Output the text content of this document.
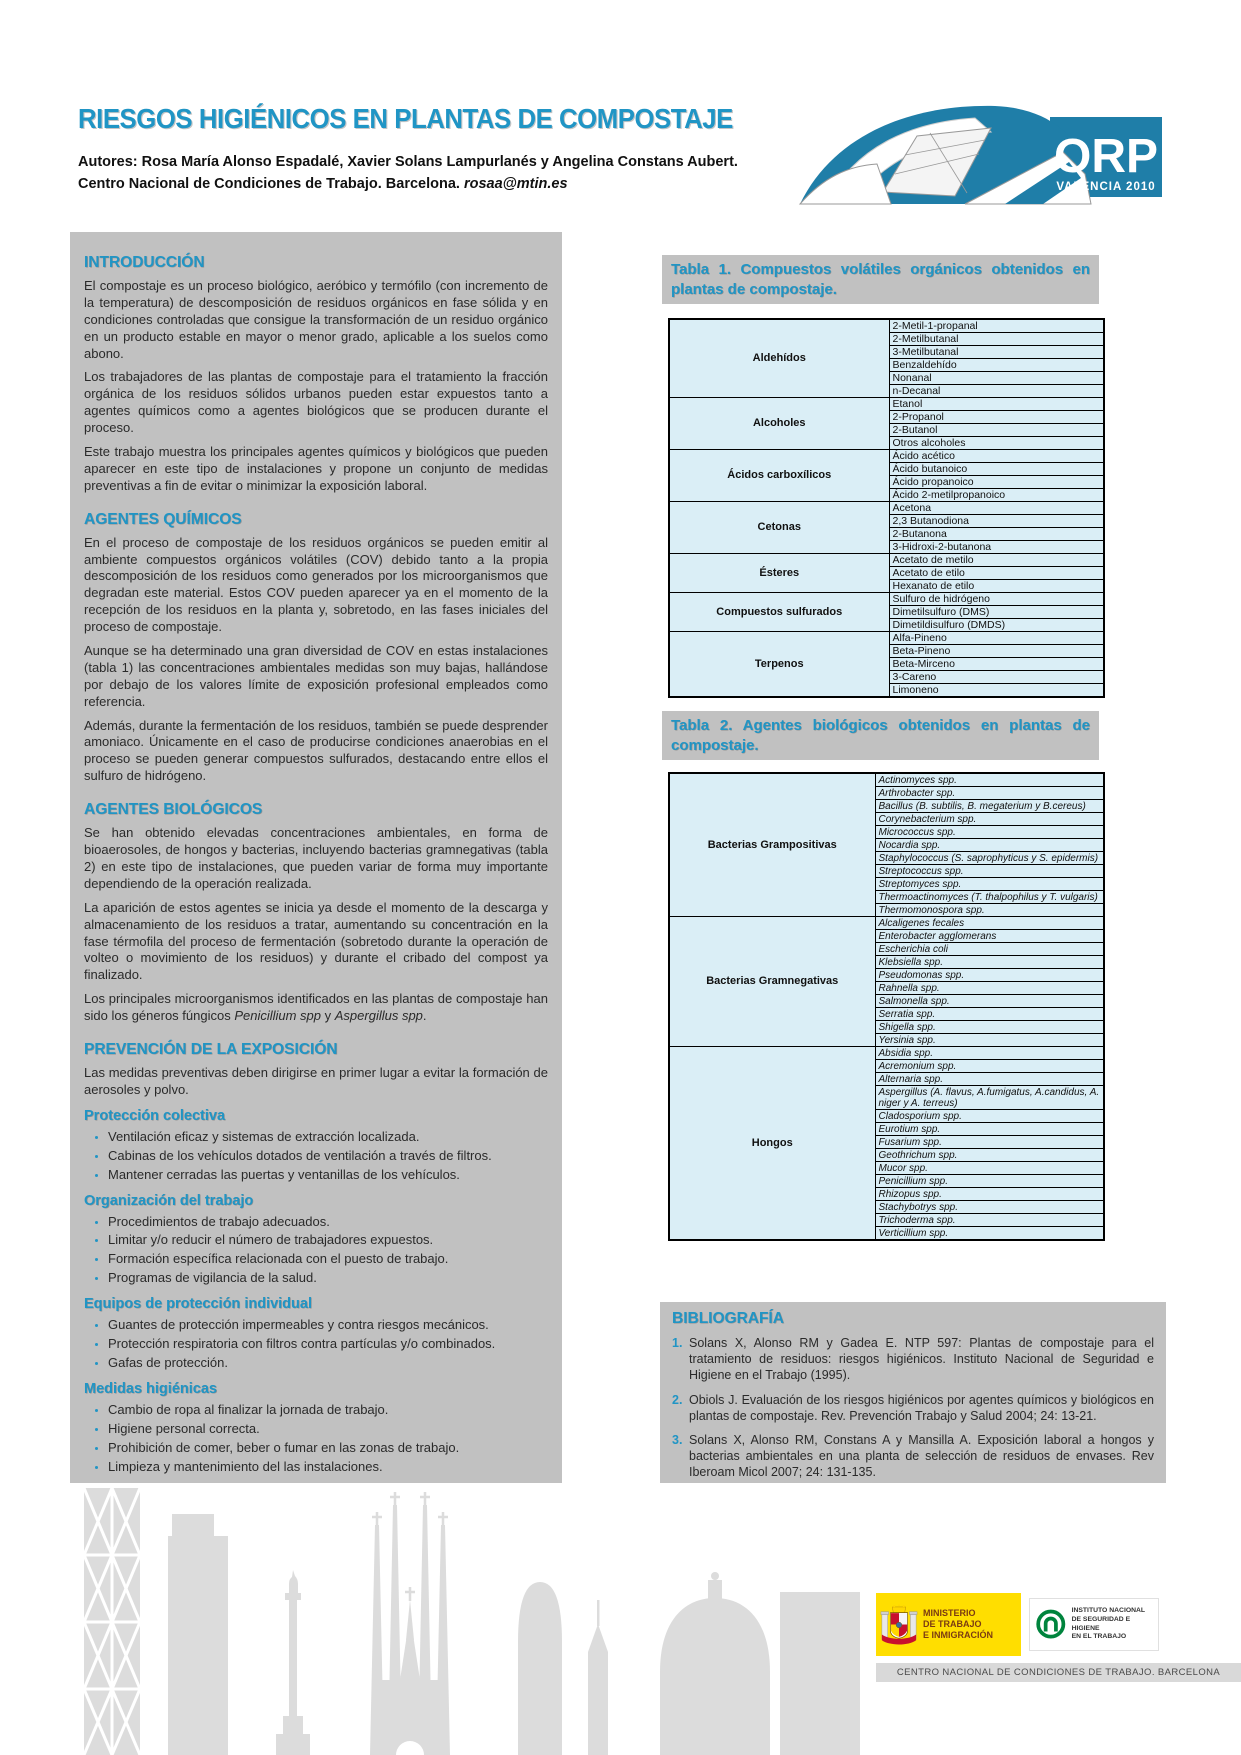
RIESGOS HIGIÉNICOS EN PLANTAS DE COMPOSTAJE
Autores: Rosa María Alonso Espadalé, Xavier Solans Lampurlanés y Angelina Constans Aubert.
Centro Nacional de Condiciones de Trabajo. Barcelona. rosaa@mtin.es
ORP
VALENCIA 2010
INTRODUCCIÓN

El compostaje es un proceso biológico, aeróbico y termófilo (con incremento de la temperatura) de descomposición de residuos orgánicos en fase sólida y en condiciones controladas que consigue la transformación de un residuo orgánico en un producto estable en mayor o menor grado, aplicable a los suelos como abono.

Los trabajadores de las plantas de compostaje para el tratamiento la fracción orgánica de los residuos sólidos urbanos pueden estar expuestos tanto a agentes químicos como a agentes biológicos que se producen durante el proceso.

Este trabajo muestra los principales agentes químicos y biológicos que pueden aparecer en este tipo de instalaciones y propone un conjunto de medidas preventivas a fin de evitar o minimizar la exposición laboral.

AGENTES QUÍMICOS

En el proceso de compostaje de los residuos orgánicos se pueden emitir al ambiente compuestos orgánicos volátiles (COV) debido tanto a la propia descomposición de los residuos como generados por los microorganismos que degradan este material. Estos COV pueden aparecer ya en el momento de la recepción de los residuos en la planta y, sobretodo, en las fases iniciales del proceso de compostaje.

Aunque se ha determinado una gran diversidad de COV en estas instalaciones (tabla 1) las concentraciones ambientales medidas son muy bajas, hallándose por debajo de los valores límite de exposición profesional empleados como referencia.

Además, durante la fermentación de los residuos, también se puede desprender amoniaco. Únicamente en el caso de producirse condiciones anaerobias en el proceso se pueden generar compuestos sulfurados, destacando entre ellos el sulfuro de hidrógeno.

AGENTES BIOLÓGICOS

Se han obtenido elevadas concentraciones ambientales, en forma de bioaerosoles, de hongos y bacterias, incluyendo bacterias gramnegativas (tabla 2) en este tipo de instalaciones, que pueden variar de forma muy importante dependiendo de la operación realizada.

La aparición de estos agentes se inicia ya desde el momento de la descarga y almacenamiento de los residuos a tratar, aumentando su concentración en la fase térmofila del proceso de fermentación (sobretodo durante la operación de volteo o movimiento de los residuos) y durante el cribado del compost ya finalizado.

Los principales microorganismos identificados en las plantas de compostaje han sido los géneros fúngicos Penicillium spp y Aspergillus spp.

PREVENCIÓN DE LA EXPOSICIÓN

Las medidas preventivas deben dirigirse en primer lugar a evitar la formación de aerosoles y polvo.

Protección colectiva
• Ventilación eficaz y sistemas de extracción localizada.
• Cabinas de los vehículos dotados de ventilación a través de filtros.
• Mantener cerradas las puertas y ventanillas de los vehículos.
Organización del trabajo
• Procedimientos de trabajo adecuados.
• Limitar y/o reducir el número de trabajadores expuestos.
• Formación específica relacionada con el puesto de trabajo.
• Programas de vigilancia de la salud.
Equipos de protección individual
• Guantes de protección impermeables y contra riesgos mecánicos.
• Protección respiratoria con filtros contra partículas y/o combinados.
• Gafas de protección.
Medidas higiénicas
• Cambio de ropa al finalizar la jornada de trabajo.
• Higiene personal correcta.
• Prohibición de comer, beber o fumar en las zonas de trabajo.
• Limpieza y mantenimiento del las instalaciones.
Tabla 1. Compuestos volátiles orgánicos obtenidos en plantas de compostaje.
Aldehídos	2-Metil-1-propanal
	2-Metilbutanal
	3-Metilbutanal
	Benzaldehído
	Nonanal
	n-Decanal
Alcoholes	Etanol
	2-Propanol
	2-Butanol
	Otros alcoholes
Ácidos carboxílicos	Ácido acético
	Ácido butanoico
	Ácido propanoico
	Ácido 2-metilpropanoico
Cetonas	Acetona
	2,3 Butanodiona
	2-Butanona
	3-Hidroxi-2-butanona
Ésteres	Acetato de metilo
	Acetato de etilo
	Hexanato de etilo
Compuestos sulfurados	Sulfuro de hidrógeno
	Dimetilsulfuro (DMS)
	Dimetildisulfuro (DMDS)
Terpenos	Alfa-Pineno
	Beta-Pineno
	Beta-Mirceno
	3-Careno
	Limoneno
Tabla 2. Agentes biológicos obtenidos en plantas de compostaje.
Bacterias Grampositivas	Actinomyces spp.
	Arthrobacter spp.
	Bacillus (B. subtilis, B. megaterium y B.cereus)
	Corynebacterium spp.
	Micrococcus spp.
	Nocardia spp.
	Staphylococcus (S. saprophyticus y S. epidermis)
	Streptococcus spp.
	Streptomyces spp.
	Thermoactinomyces (T. thalpophilus y T. vulgaris)
	Thermomonospora spp.
Bacterias Gramnegativas	Alcaligenes fecales
	Enterobacter agglomerans
	Escherichia coli
	Klebsiella spp.
	Pseudomonas spp.
	Rahnella spp.
	Salmonella spp.
	Serratia spp.
	Shigella spp.
	Yersinia spp.
Hongos	Absidia spp.
	Acremonium spp.
	Alternaria spp.
	Aspergillus (A. flavus, A.fumigatus, A.candidus, A. niger y A. terreus)
	Cladosporium spp.
	Eurotium spp.
	Fusarium spp.
	Geothrichum spp.
	Mucor spp.
	Penicillium spp.
	Rhizopus spp.
	Stachybotrys spp.
	Trichoderma spp.
	Verticillium spp.
BIBLIOGRAFÍA
1. Solans X, Alonso RM y Gadea E. NTP 597: Plantas de compostaje para el tratamiento de residuos: riesgos higiénicos. Instituto Nacional de Seguridad e Higiene en el Trabajo (1995).
2. Obiols J. Evaluación de los riesgos higiénicos por agentes químicos y biológicos en plantas de compostaje. Rev. Prevención Trabajo y Salud 2004; 24: 13-21.
3. Solans X, Alonso RM, Constans A y Mansilla A. Exposición laboral a hongos y bacterias ambientales en una planta de selección de residuos de envases. Rev Iberoam Micol 2007; 24: 131-135.
MINISTERIO
DE TRABAJO
E INMIGRACIÓN
INSTITUTO NACIONAL
DE SEGURIDAD E HIGIENE
EN EL TRABAJO
CENTRO NACIONAL DE CONDICIONES DE TRABAJO. BARCELONA
